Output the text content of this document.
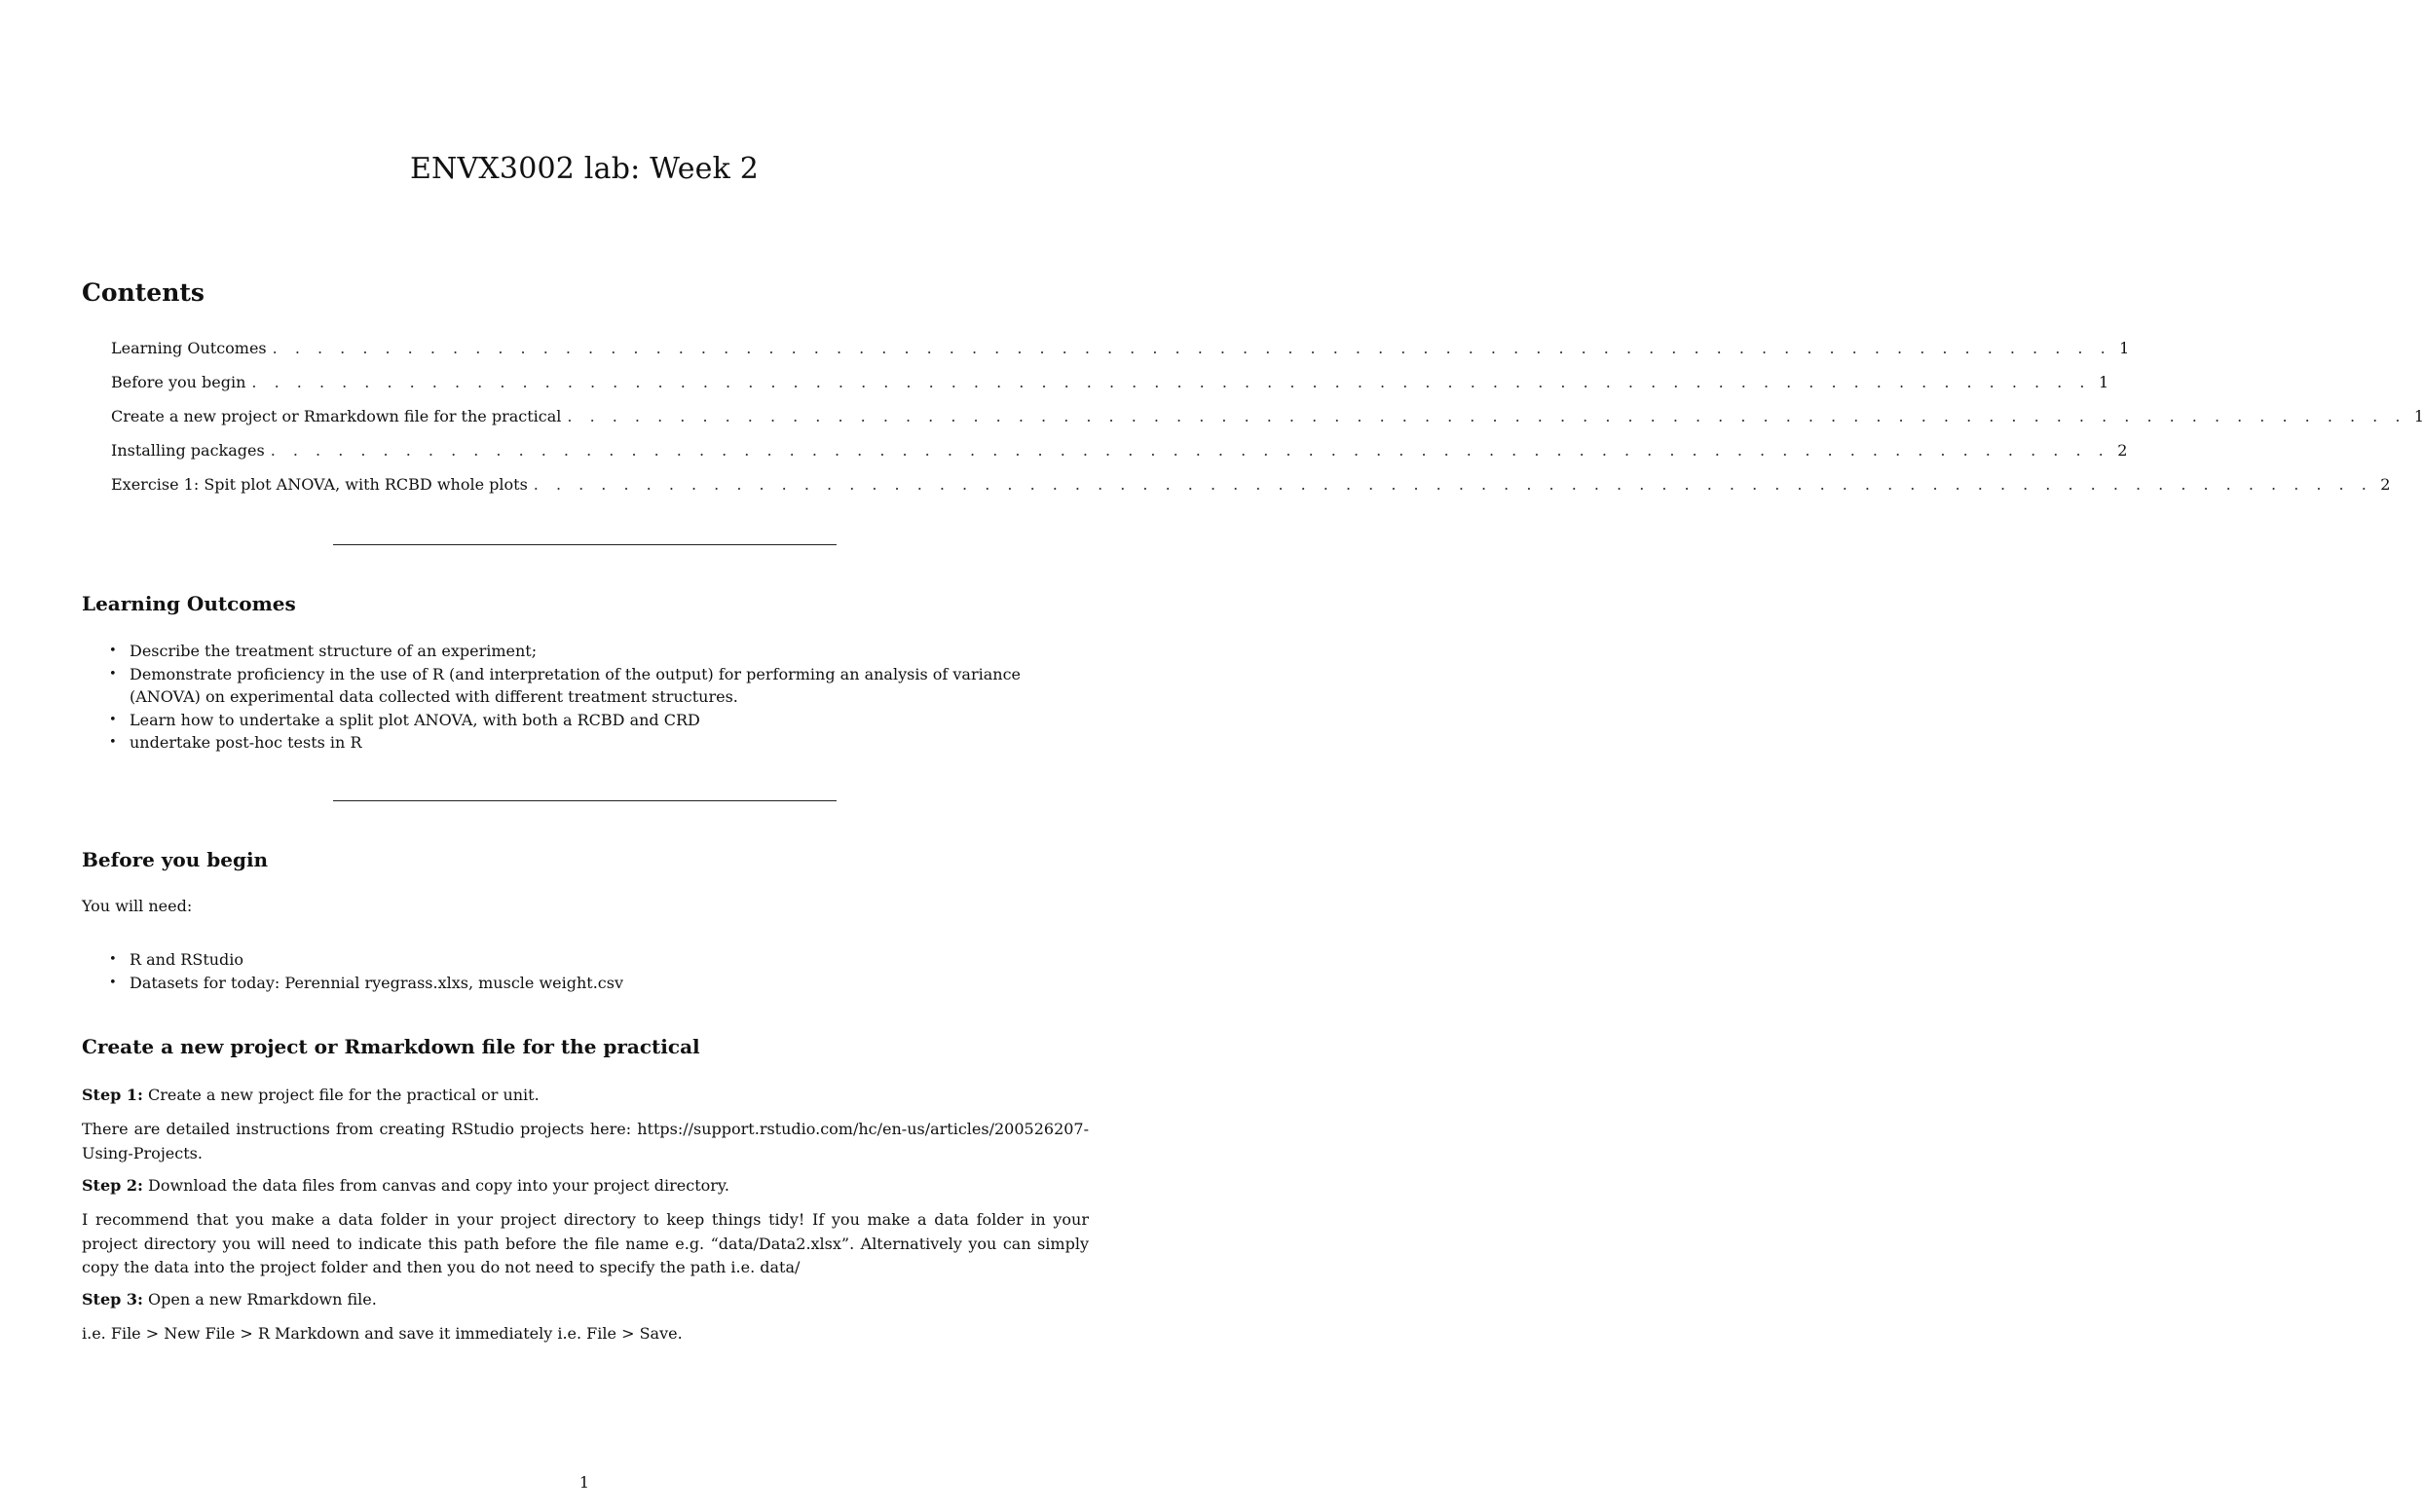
ENVX3002 lab: Week 2
Contents
Learning Outcomes . . . . . . . . . . . . . . . . . . . . . . . . . . . . . . . . . . . . . . . . . . . . . . . . . . . . . . . . . . . . . . . . . . . . . . . . . . . . . . . . . . 1
Before you begin . . . . . . . . . . . . . . . . . . . . . . . . . . . . . . . . . . . . . . . . . . . . . . . . . . . . . . . . . . . . . . . . . . . . . . . . . . . . . . . . . . 1
Create a new project or Rmarkdown file for the practical . . . . . . . . . . . . . . . . . . . . . . . . . . . . . . . . . . . . . . . . . . . . . . . . . . . . . . . . . . . . . . . . . . . . . . . . . . . . . . . . . . 1
Installing packages . . . . . . . . . . . . . . . . . . . . . . . . . . . . . . . . . . . . . . . . . . . . . . . . . . . . . . . . . . . . . . . . . . . . . . . . . . . . . . . . . . 2
Exercise 1: Spit plot ANOVA, with RCBD whole plots . . . . . . . . . . . . . . . . . . . . . . . . . . . . . . . . . . . . . . . . . . . . . . . . . . . . . . . . . . . . . . . . . . . . . . . . . . . . . . . . . . 2
Learning Outcomes
• Describe the treatment structure of an experiment;
• Demonstrate proficiency in the use of R (and interpretation of the output) for performing an analysis of variance (ANOVA) on experimental data collected with different treatment structures.
• Learn how to undertake a split plot ANOVA, with both a RCBD and CRD
• undertake post-hoc tests in R
Before you begin

You will need:

• R and RStudio
• Datasets for today: Perennial ryegrass.xlxs, muscle weight.csv
Create a new project or Rmarkdown file for the practical

Step 1: Create a new project file for the practical or unit.

There are detailed instructions from creating RStudio projects here: https://support.rstudio.com/hc/en-us/articles/200526207-Using-Projects.

Step 2: Download the data files from canvas and copy into your project directory.

I recommend that you make a data folder in your project directory to keep things tidy! If you make a data folder in your project directory you will need to indicate this path before the file name e.g. “data/Data2.xlsx”. Alternatively you can simply copy the data into the project folder and then you do not need to specify the path i.e. data/

Step 3: Open a new Rmarkdown file.

i.e. File > New File > R Markdown and save it immediately i.e. File > Save.

1
